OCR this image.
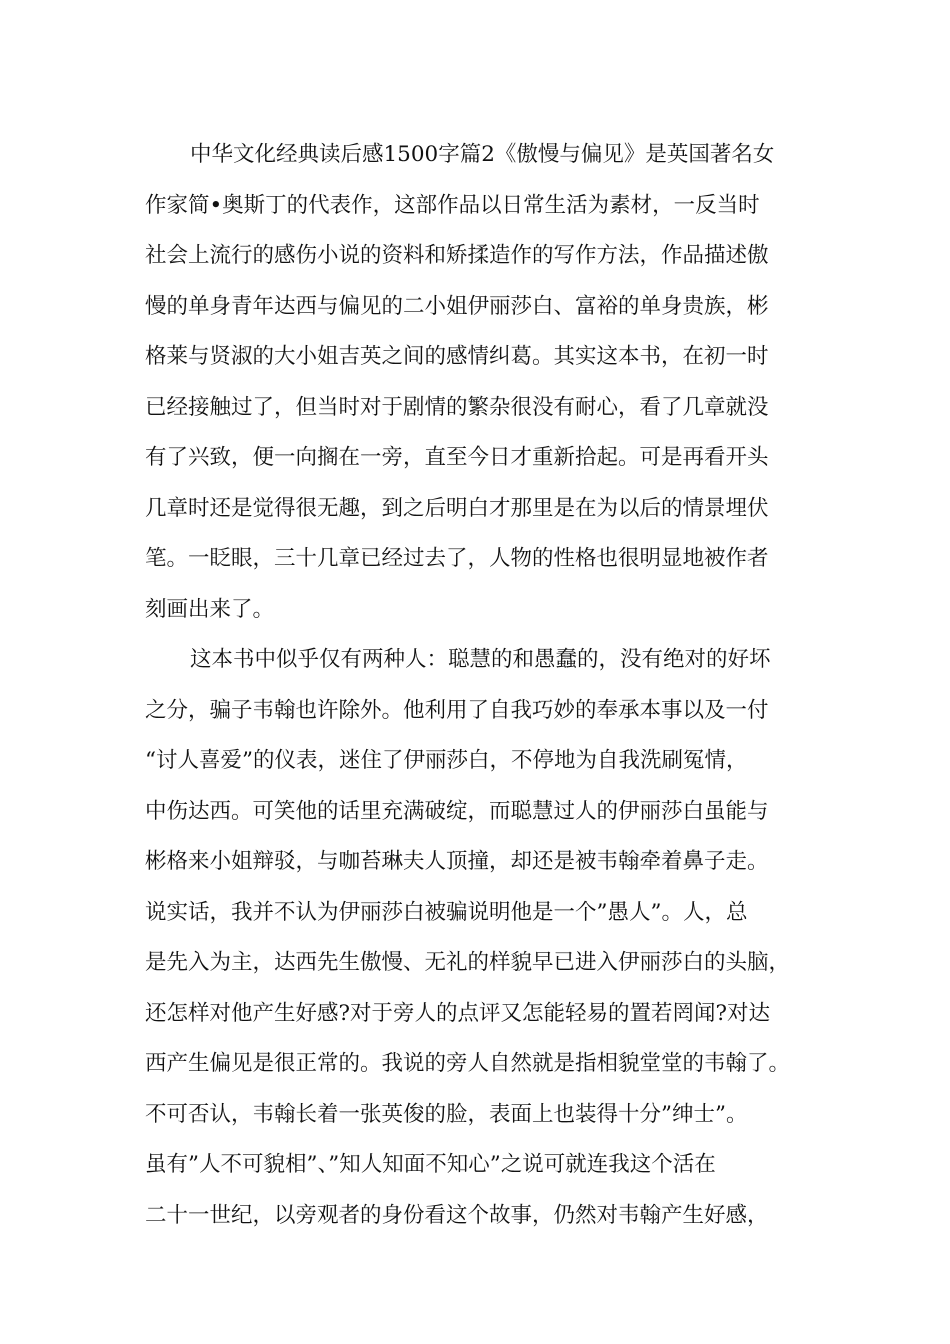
中华文化经典读后感1500字篇2《傲慢与偏见》是英国著名女
作家简•奥斯丁的代表作，这部作品以日常生活为素材，一反当时
社会上流行的感伤小说的资料和矫揉造作的写作方法，作品描述傲
慢的单身青年达西与偏见的二小姐伊丽莎白、富裕的单身贵族，彬
格莱与贤淑的大小姐吉英之间的感情纠葛。其实这本书，在初一时
已经接触过了，但当时对于剧情的繁杂很没有耐心，看了几章就没
有了兴致，便一向搁在一旁，直至今日才重新拾起。可是再看开头
几章时还是觉得很无趣，到之后明白才那里是在为以后的情景埋伏
笔。一眨眼，三十几章已经过去了，人物的性格也很明显地被作者
刻画出来了。
这本书中似乎仅有两种人：聪慧的和愚蠢的，没有绝对的好坏
之分，骗子韦翰也许除外。他利用了自我巧妙的奉承本事以及一付
“讨人喜爱”的仪表，迷住了伊丽莎白，不停地为自我洗刷冤情，
中伤达西。可笑他的话里充满破绽，而聪慧过人的伊丽莎白虽能与
彬格来小姐辩驳，与咖苔琳夫人顶撞，却还是被韦翰牵着鼻子走。
说实话，我并不认为伊丽莎白被骗说明他是一个”愚人”。人，总
是先入为主，达西先生傲慢、无礼的样貌早已进入伊丽莎白的头脑，
还怎样对他产生好感?对于旁人的点评又怎能轻易的置若罔闻?对达
西产生偏见是很正常的。我说的旁人自然就是指相貌堂堂的韦翰了。
不可否认，韦翰长着一张英俊的脸，表面上也装得十分”绅士”。
虽有”人不可貌相”、”知人知面不知心”之说可就连我这个活在
二十一世纪，以旁观者的身份看这个故事，仍然对韦翰产生好感，
